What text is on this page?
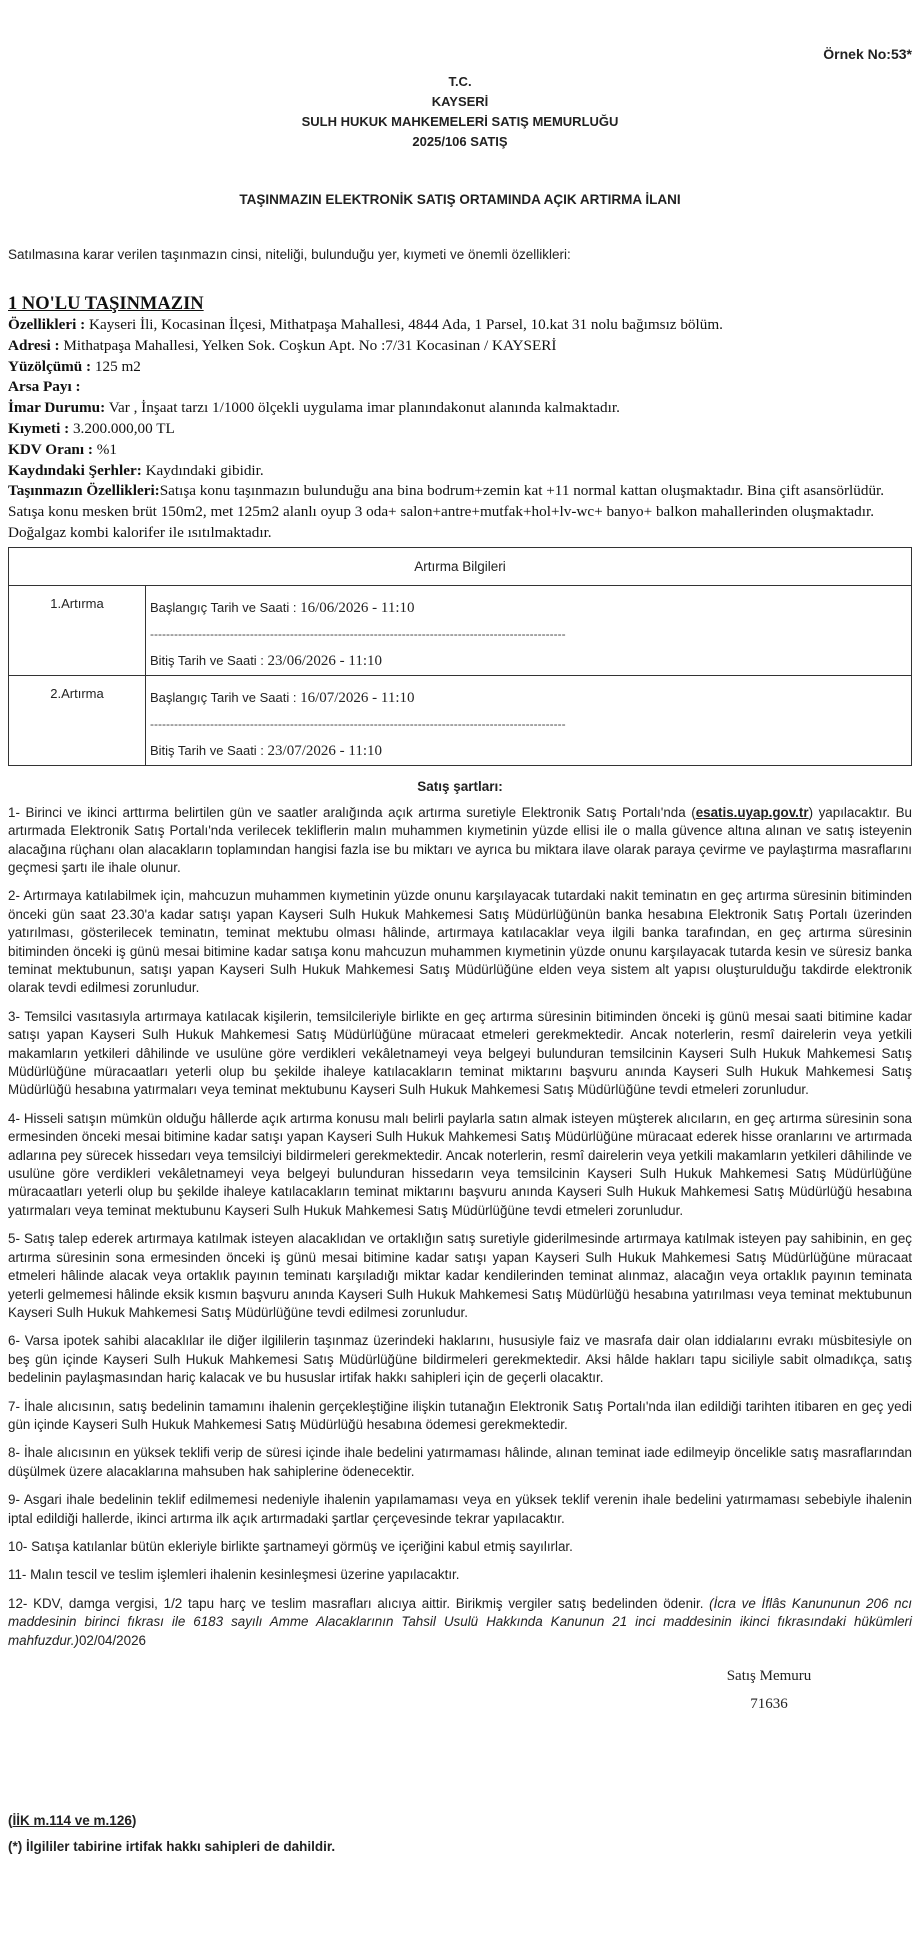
Örnek No:53*
T.C.
KAYSERİ
SULH HUKUK MAHKEMELERİ SATIŞ MEMURLUĞU
2025/106 SATIŞ
TAŞINMAZIN ELEKTRONİK SATIŞ ORTAMINDA AÇIK ARTIRMA İLANI
Satılmasına karar verilen taşınmazın cinsi, niteliği, bulunduğu yer, kıymeti ve önemli özellikleri:
1 NO'LU TAŞINMAZIN
Özellikleri : Kayseri İli, Kocasinan İlçesi, Mithatpaşa Mahallesi, 4844 Ada, 1 Parsel, 10.kat 31 nolu bağımsız bölüm.
Adresi : Mithatpaşa Mahallesi, Yelken Sok. Coşkun Apt. No :7/31 Kocasinan / KAYSERİ
Yüzölçümü : 125 m2
Arsa Payı :
İmar Durumu: Var , İnşaat tarzı 1/1000 ölçekli uygulama imar planındakonut alanında kalmaktadır.
Kıymeti : 3.200.000,00 TL
KDV Oranı : %1
Kaydındaki Şerhler: Kaydındaki gibidir.
Taşınmazın Özellikleri:Satışa konu taşınmazın bulunduğu ana bina bodrum+zemin kat +11 normal kattan oluşmaktadır. Bina çift asansörlüdür. Satışa konu mesken brüt 150m2, met 125m2 alanlı oyup 3 oda+ salon+antre+mutfak+hol+lv-wc+ banyo+ balkon mahallerinden oluşmaktadır. Doğalgaz kombi kalorifer ile ısıtılmaktadır.
Artırma Bilgileri	
1.Artırma	Başlangıç Tarih ve Saati : 16/06/2026 - 11:10
--------------------------------------------------------------------------------------------------------
Bitiş Tarih ve Saati : 23/06/2026 - 11:10

2.Artırma	Başlangıç Tarih ve Saati : 16/07/2026 - 11:10
--------------------------------------------------------------------------------------------------------
Bitiş Tarih ve Saati : 23/07/2026 - 11:10
Satış şartları:
1- Birinci ve ikinci arttırma belirtilen gün ve saatler aralığında açık artırma suretiyle Elektronik Satış Portalı'nda (esatis.uyap.gov.tr) yapılacaktır. Bu artırmada Elektronik Satış Portalı'nda verilecek tekliflerin malın muhammen kıymetinin yüzde ellisi ile o malla güvence altına alınan ve satış isteyenin alacağına rüçhanı olan alacakların toplamından hangisi fazla ise bu miktarı ve ayrıca bu miktara ilave olarak paraya çevirme ve paylaştırma masraflarını geçmesi şartı ile ihale olunur.
2- Artırmaya katılabilmek için, mahcuzun muhammen kıymetinin yüzde onunu karşılayacak tutardaki nakit teminatın en geç artırma süresinin bitiminden önceki gün saat 23.30'a kadar satışı yapan Kayseri Sulh Hukuk Mahkemesi Satış Müdürlüğünün banka hesabına Elektronik Satış Portalı üzerinden yatırılması, gösterilecek teminatın, teminat mektubu olması hâlinde, artırmaya katılacaklar veya ilgili banka tarafından, en geç artırma süresinin bitiminden önceki iş günü mesai bitimine kadar satışa konu mahcuzun muhammen kıymetinin yüzde onunu karşılayacak tutarda kesin ve süresiz banka teminat mektubunun, satışı yapan Kayseri Sulh Hukuk Mahkemesi Satış Müdürlüğüne elden veya sistem alt yapısı oluşturulduğu takdirde elektronik olarak tevdi edilmesi zorunludur.
3- Temsilci vasıtasıyla artırmaya katılacak kişilerin, temsilcileriyle birlikte en geç artırma süresinin bitiminden önceki iş günü mesai saati bitimine kadar satışı yapan Kayseri Sulh Hukuk Mahkemesi Satış Müdürlüğüne müracaat etmeleri gerekmektedir. Ancak noterlerin, resmî dairelerin veya yetkili makamların yetkileri dâhilinde ve usulüne göre verdikleri vekâletnameyi veya belgeyi bulunduran temsilcinin Kayseri Sulh Hukuk Mahkemesi Satış Müdürlüğüne müracaatları yeterli olup bu şekilde ihaleye katılacakların teminat miktarını başvuru anında Kayseri Sulh Hukuk Mahkemesi Satış Müdürlüğü hesabına yatırmaları veya teminat mektubunu Kayseri Sulh Hukuk Mahkemesi Satış Müdürlüğüne tevdi etmeleri zorunludur.
4- Hisseli satışın mümkün olduğu hâllerde açık artırma konusu malı belirli paylarla satın almak isteyen müşterek alıcıların, en geç artırma süresinin sona ermesinden önceki mesai bitimine kadar satışı yapan Kayseri Sulh Hukuk Mahkemesi Satış Müdürlüğüne müracaat ederek hisse oranlarını ve artırmada adlarına pey sürecek hissedarı veya temsilciyi bildirmeleri gerekmektedir. Ancak noterlerin, resmî dairelerin veya yetkili makamların yetkileri dâhilinde ve usulüne göre verdikleri vekâletnameyi veya belgeyi bulunduran hissedarın veya temsilcinin Kayseri Sulh Hukuk Mahkemesi Satış Müdürlüğüne müracaatları yeterli olup bu şekilde ihaleye katılacakların teminat miktarını başvuru anında Kayseri Sulh Hukuk Mahkemesi Satış Müdürlüğü hesabına yatırmaları veya teminat mektubunu Kayseri Sulh Hukuk Mahkemesi Satış Müdürlüğüne tevdi etmeleri zorunludur.
5- Satış talep ederek artırmaya katılmak isteyen alacaklıdan ve ortaklığın satış suretiyle giderilmesinde artırmaya katılmak isteyen pay sahibinin, en geç artırma süresinin sona ermesinden önceki iş günü mesai bitimine kadar satışı yapan Kayseri Sulh Hukuk Mahkemesi Satış Müdürlüğüne müracaat etmeleri hâlinde alacak veya ortaklık payının teminatı karşıladığı miktar kadar kendilerinden teminat alınmaz, alacağın veya ortaklık payının teminata yeterli gelmemesi hâlinde eksik kısmın başvuru anında Kayseri Sulh Hukuk Mahkemesi Satış Müdürlüğü hesabına yatırılması veya teminat mektubunun Kayseri Sulh Hukuk Mahkemesi Satış Müdürlüğüne tevdi edilmesi zorunludur.
6- Varsa ipotek sahibi alacaklılar ile diğer ilgililerin taşınmaz üzerindeki haklarını, hususiyle faiz ve masrafa dair olan iddialarını evrakı müsbitesiyle on beş gün içinde Kayseri Sulh Hukuk Mahkemesi Satış Müdürlüğüne bildirmeleri gerekmektedir. Aksi hâlde hakları tapu siciliyle sabit olmadıkça, satış bedelinin paylaşmasından hariç kalacak ve bu hususlar irtifak hakkı sahipleri için de geçerli olacaktır.
7- İhale alıcısının, satış bedelinin tamamını ihalenin gerçekleştiğine ilişkin tutanağın Elektronik Satış Portalı'nda ilan edildiği tarihten itibaren en geç yedi gün içinde Kayseri Sulh Hukuk Mahkemesi Satış Müdürlüğü hesabına ödemesi gerekmektedir.
8- İhale alıcısının en yüksek teklifi verip de süresi içinde ihale bedelini yatırmaması hâlinde, alınan teminat iade edilmeyip öncelikle satış masraflarından düşülmek üzere alacaklarına mahsuben hak sahiplerine ödenecektir.
9- Asgari ihale bedelinin teklif edilmemesi nedeniyle ihalenin yapılamaması veya en yüksek teklif verenin ihale bedelini yatırmaması sebebiyle ihalenin iptal edildiği hallerde, ikinci artırma ilk açık artırmadaki şartlar çerçevesinde tekrar yapılacaktır.
10- Satışa katılanlar bütün ekleriyle birlikte şartnameyi görmüş ve içeriğini kabul etmiş sayılırlar.
11- Malın tescil ve teslim işlemleri ihalenin kesinleşmesi üzerine yapılacaktır.
12- KDV, damga vergisi, 1/2 tapu harç ve teslim masrafları alıcıya aittir. Birikmiş vergiler satış bedelinden ödenir. (İcra ve İflâs Kanununun 206 ncı maddesinin birinci fıkrası ile 6183 sayılı Amme Alacaklarının Tahsil Usulü Hakkında Kanunun 21 inci maddesinin ikinci fıkrasındaki hükümleri mahfuzdur.)02/04/2026
Satış Memuru
71636
(İİK m.114 ve m.126)
(*) İlgililer tabirine irtifak hakkı sahipleri de dahildir.
